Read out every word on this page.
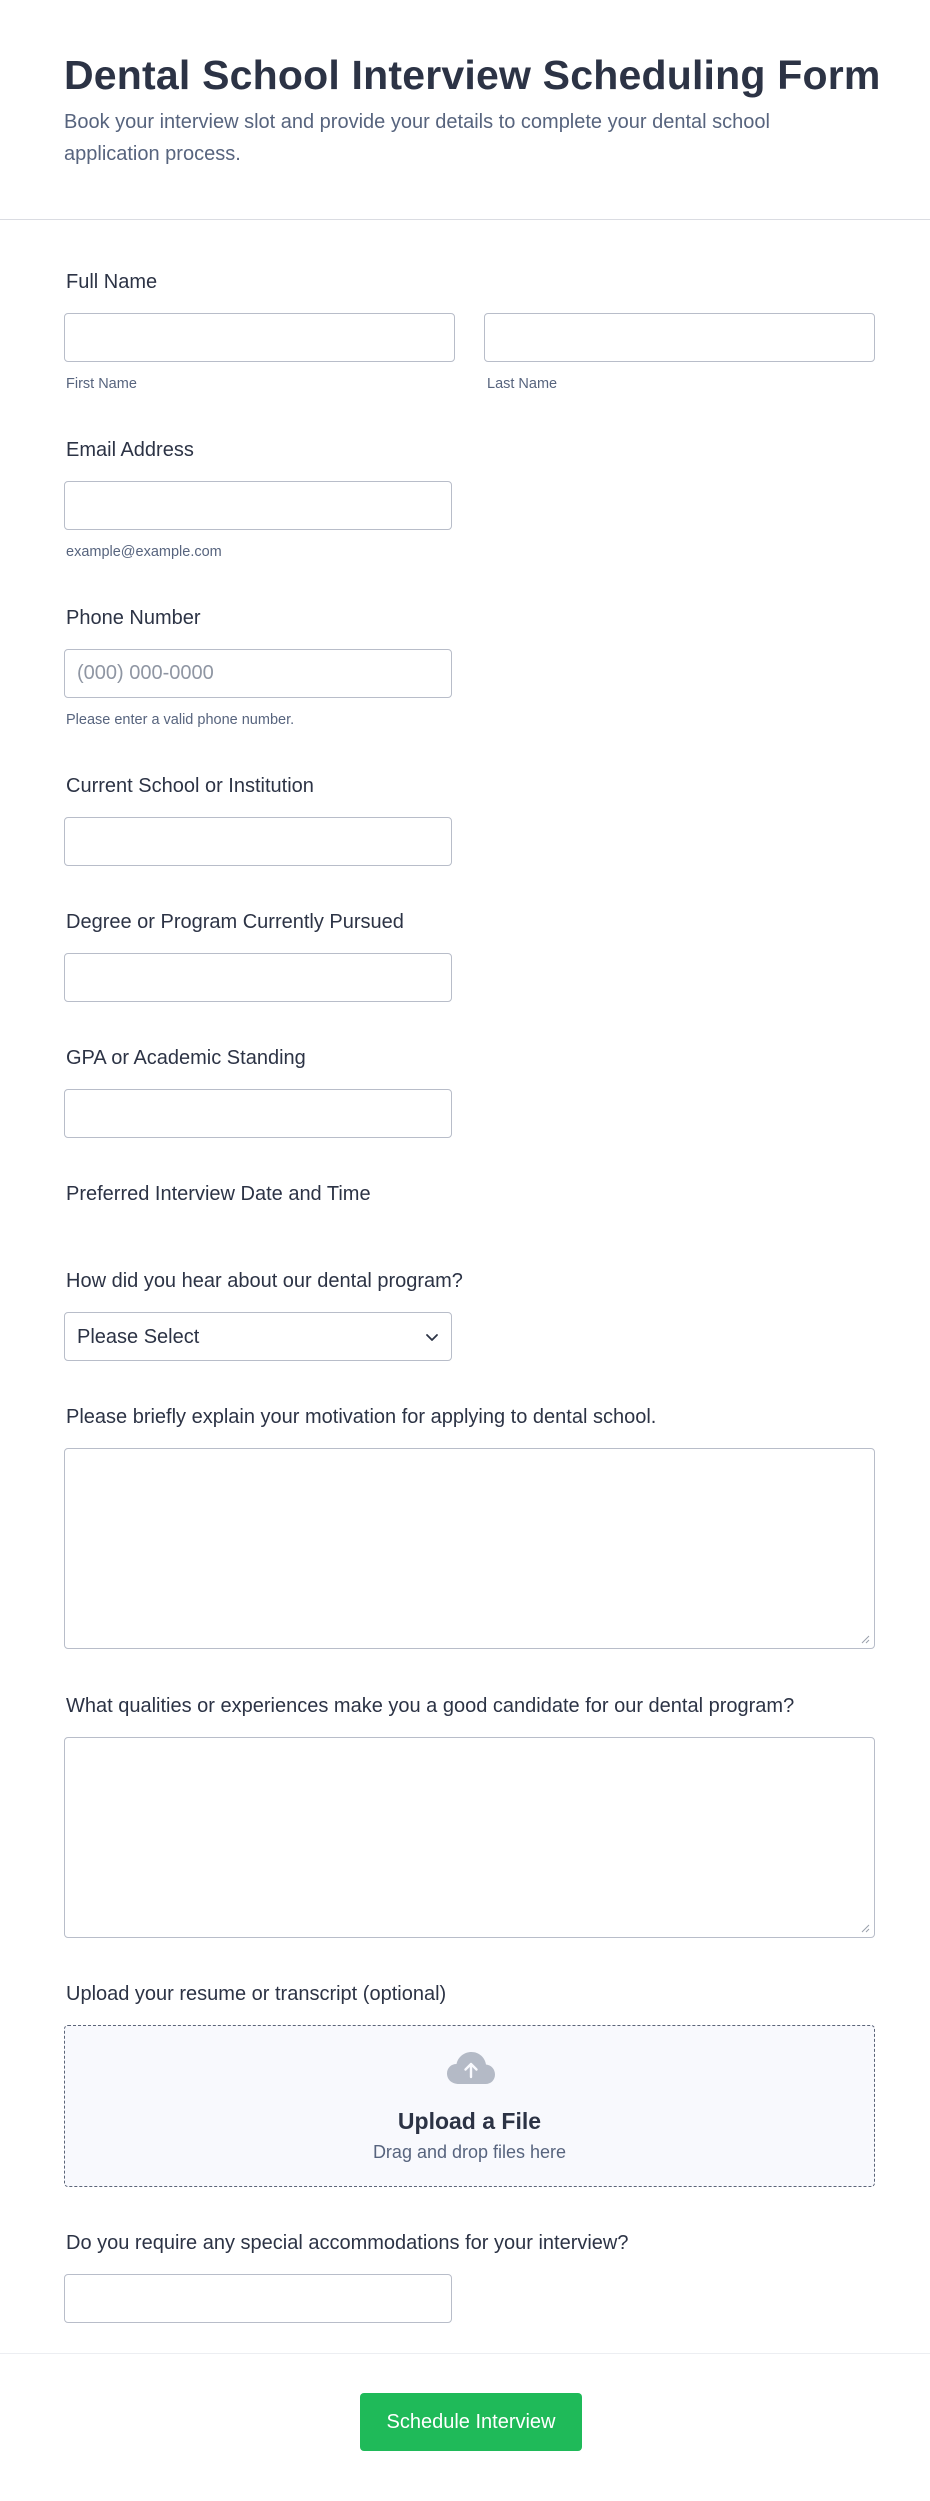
Dental School Interview Scheduling Form

Book your interview slot and provide your details to complete your dental school application process.

Full Name
First Name	Last Name
Email Address
example@example.com
Phone Number
(000) 000-0000
Please enter a valid phone number.
Current School or Institution
Degree or Program Currently Pursued
GPA or Academic Standing
Preferred Interview Date and Time
How did you hear about our dental program?
Please Select
Please briefly explain your motivation for applying to dental school.
What qualities or experiences make you a good candidate for our dental program?
Upload your resume or transcript (optional)
Upload a File
Drag and drop files here
Do you require any special accommodations for your interview?
Schedule Interview
